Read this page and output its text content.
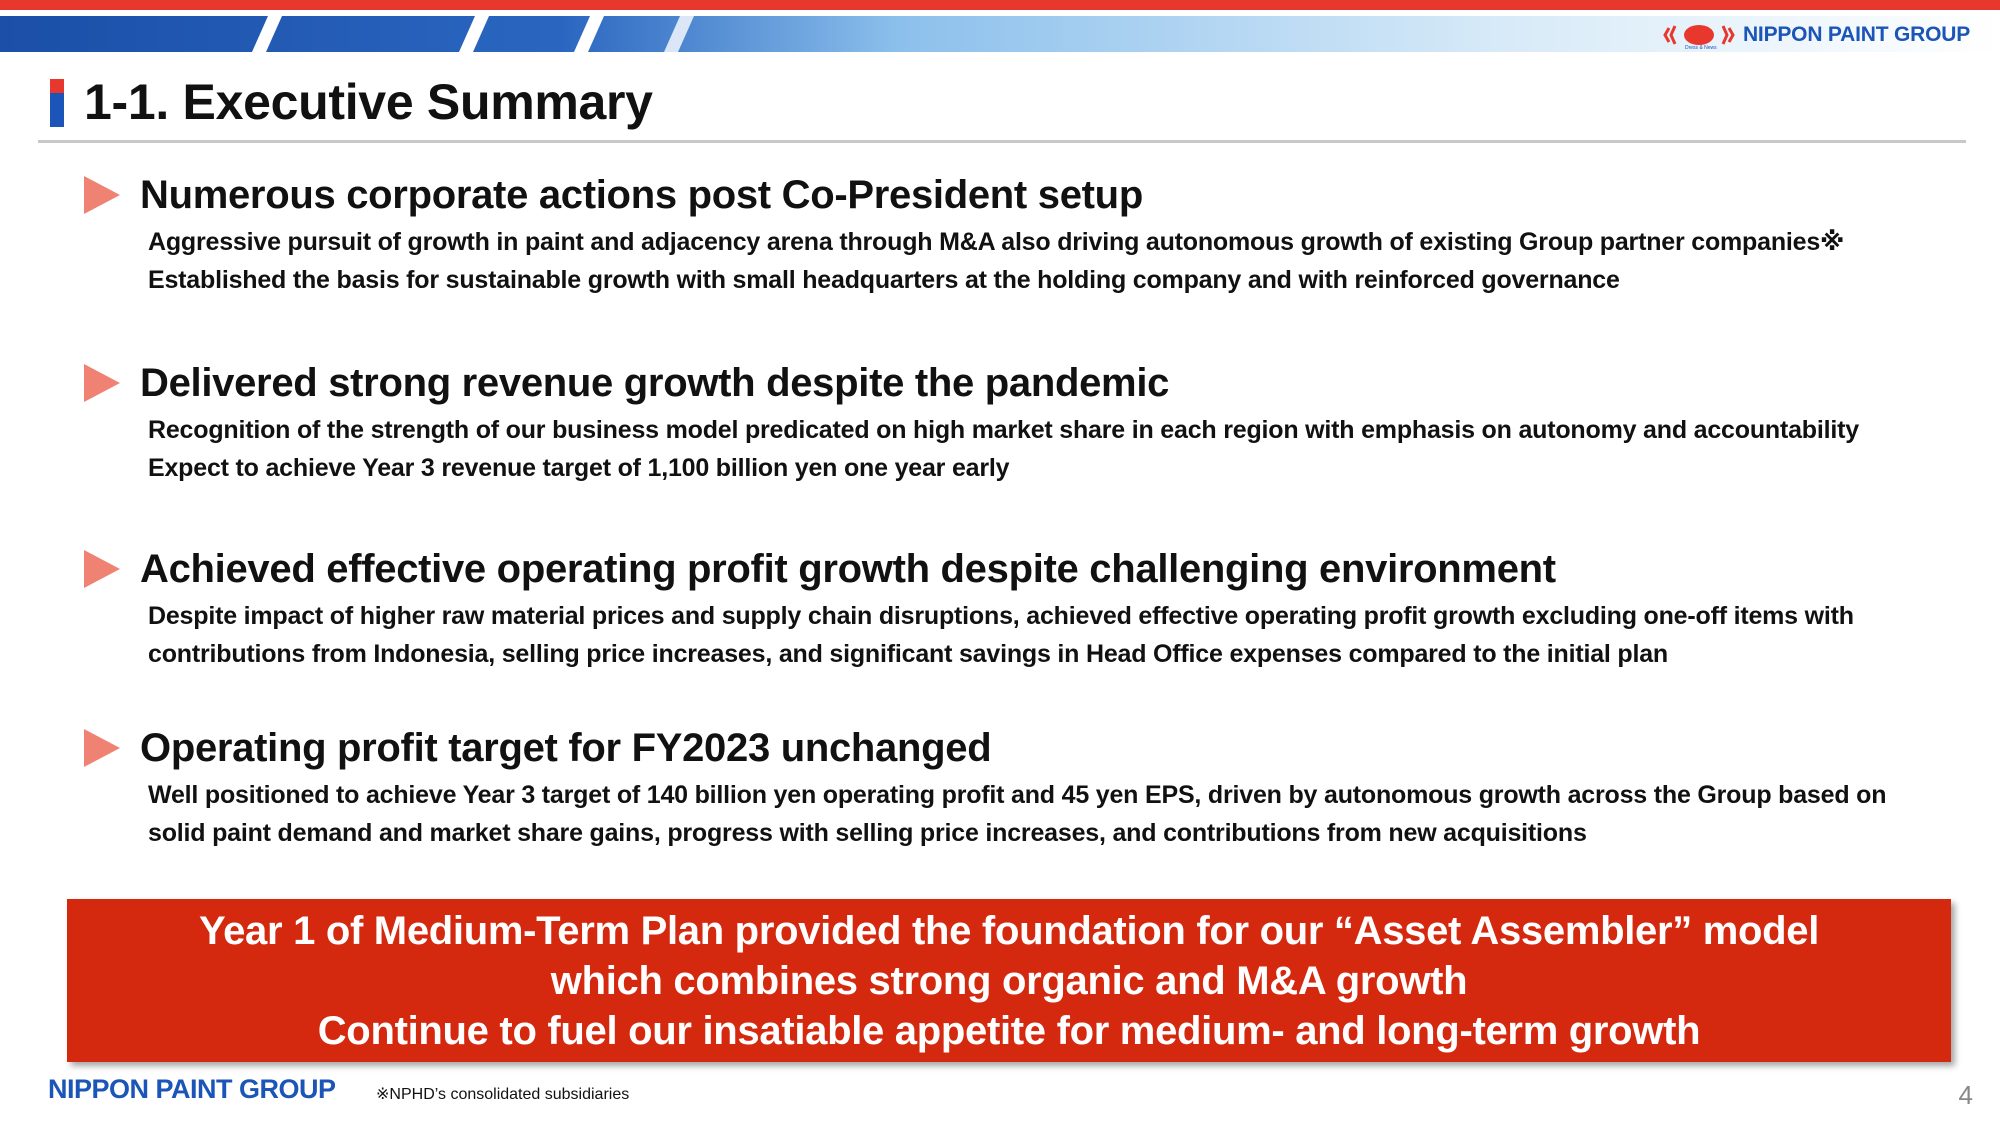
Dress & News
NIPPON PAINT GROUP
1-1. Executive Summary
Numerous corporate actions post Co-President setup
Aggressive pursuit of growth in paint and adjacency arena through M&A also driving autonomous growth of existing Group partner companies※
Established the basis for sustainable growth with small headquarters at the holding company and with reinforced governance
Delivered strong revenue growth despite the pandemic
Recognition of the strength of our business model predicated on high market share in each region with emphasis on autonomy and accountability
Expect to achieve Year 3 revenue target of 1,100 billion yen one year early
Achieved effective operating profit growth despite challenging environment
Despite impact of higher raw material prices and supply chain disruptions, achieved effective operating profit growth excluding one-off items with
contributions from Indonesia, selling price increases, and significant savings in Head Office expenses compared to the initial plan
Operating profit target for FY2023 unchanged
Well positioned to achieve Year 3 target of 140 billion yen operating profit and 45 yen EPS, driven by autonomous growth across the Group based on
solid paint demand and market share gains, progress with selling price increases, and contributions from new acquisitions
Year 1 of Medium-Term Plan provided the foundation for our “Asset Assembler” model
which combines strong organic and M&A growth
Continue to fuel our insatiable appetite for medium- and long-term growth
NIPPON PAINT GROUP	※NPHD’s consolidated subsidiaries	4
